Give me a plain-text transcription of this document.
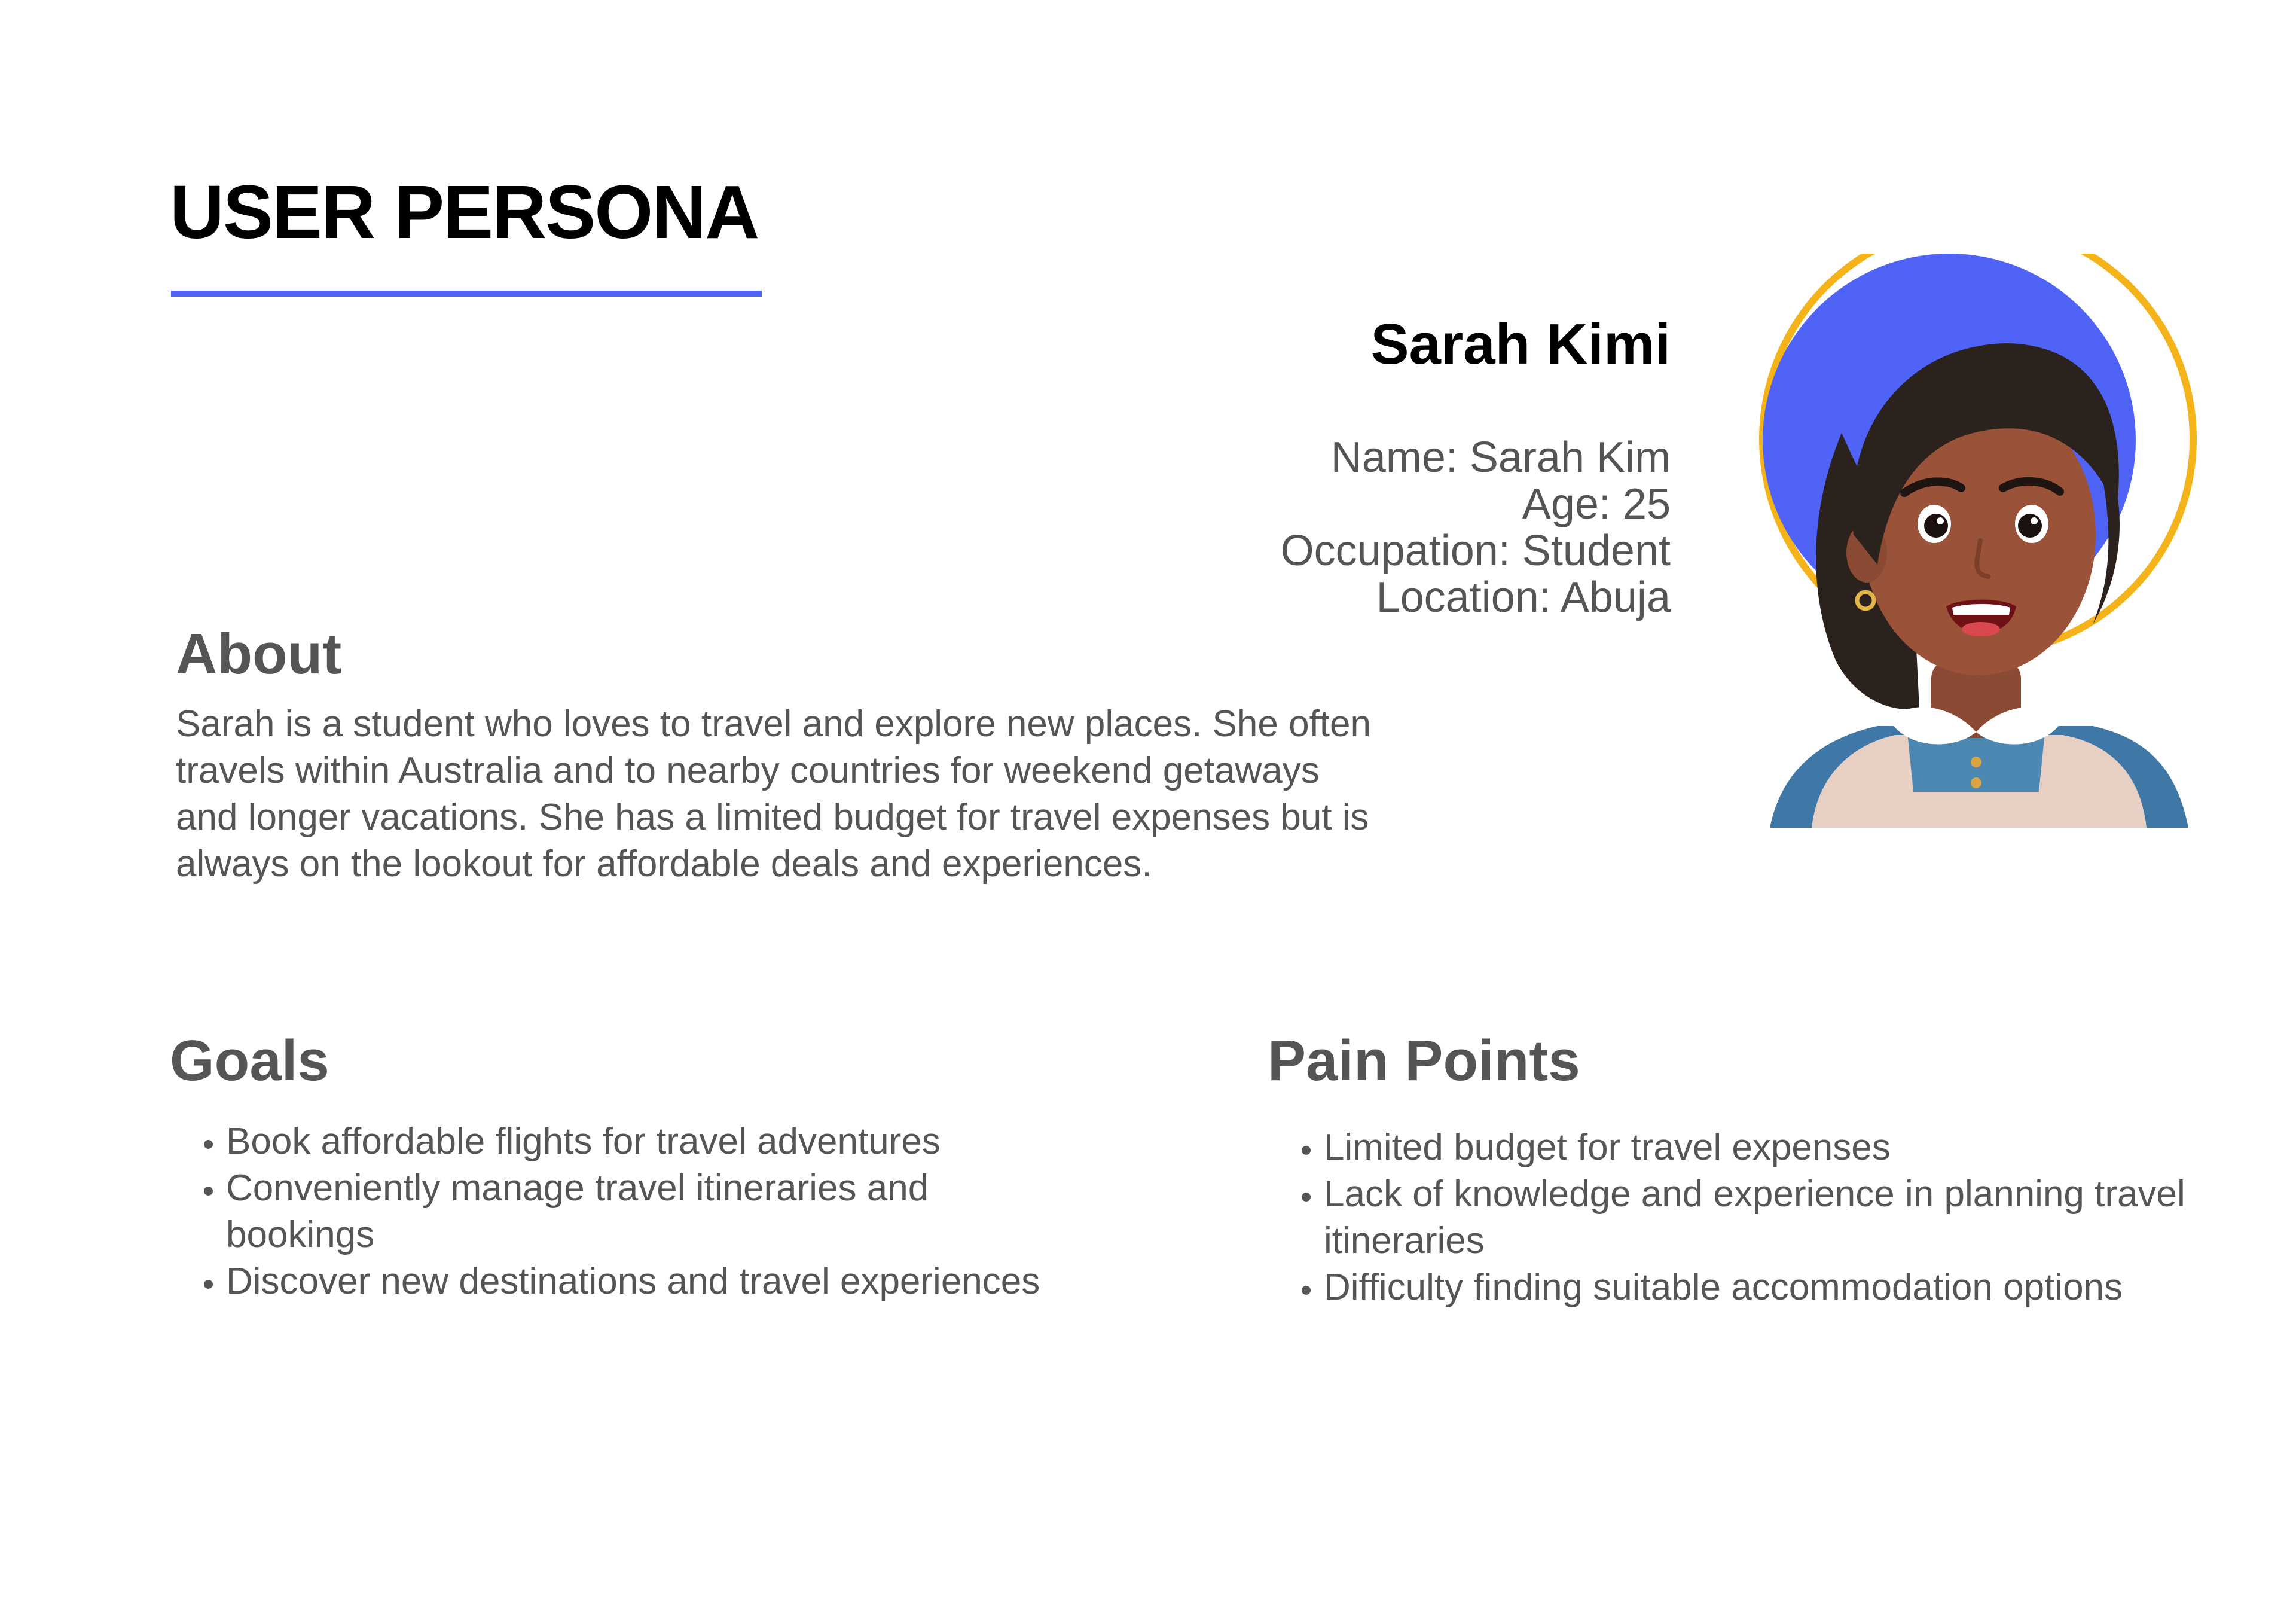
USER PERSONA
Sarah Kimi
Name: Sarah Kim
Age: 25
Occupation: Student
Location: Abuja
About

Sarah is a student who loves to travel and explore new places. She often travels within Australia and to nearby countries for weekend getaways and longer vacations. She has a limited budget for travel expenses but is always on the lookout for affordable deals and experiences.

Goals
• Book affordable flights for travel adventures
• Conveniently manage travel itineraries and bookings
• Discover new destinations and travel experiences
Pain Points
• Limited budget for travel expenses
• Lack of knowledge and experience in planning travel itineraries
• Difficulty finding suitable accommodation options
